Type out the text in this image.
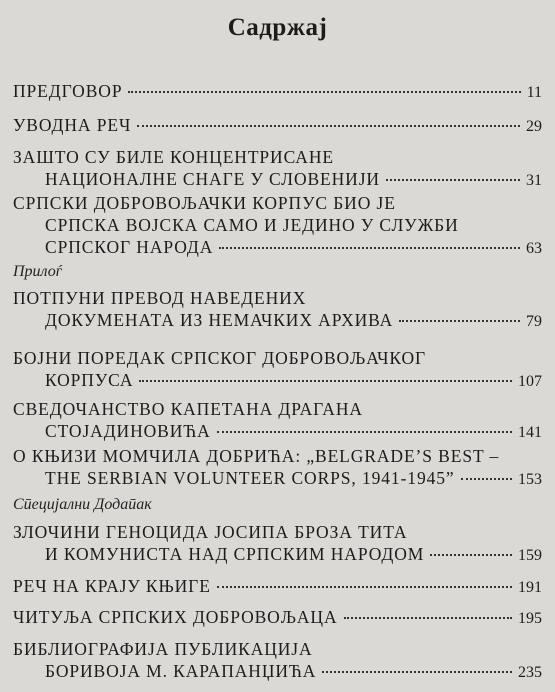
Садржај
Прилоѓ
Сӣецијални Додаӣак
ПРЕДГОВОР	11
УВОДНА РЕЧ	29
ЗАШТО СУ БИЛЕ КОНЦЕНТРИСАНЕ
НАЦИОНАЛНЕ СНАГЕ У СЛОВЕНИЈИ	31
СРПСКИ ДОБРОВОЉАЧКИ КОРПУС БИО ЈЕ
СРПСКА ВОЈСКА САМО И ЈЕДИНО У СЛУЖБИ
СРПСКОГ НАРОДА	63
ПОТПУНИ ПРЕВОД НАВЕДЕНИХ
ДОКУМЕНАТА ИЗ НЕМАЧКИХ АРХИВА	79
БОЈНИ ПОРЕДАК СРПСКОГ ДОБРОВОЉАЧКОГ
КОРПУСА	107
СВЕДОЧАНСТВО КАПЕТАНА ДРАГАНА
СТОЈАДИНОВИЋА	141
О КЊИЗИ МОМЧИЛА ДОБРИЋА: „BELGRADE’S BEST –
THE SERBIAN VOLUNTEER CORPS, 1941-1945”	153
ЗЛОЧИНИ ГЕНОЦИДА ЈОСИПА БРОЗА ТИТА
И КОМУНИСТА НАД СРПСКИМ НАРОДОМ	159
РЕЧ НА КРАЈУ КЊИГЕ	191
ЧИТУЉА СРПСКИХ ДОБРОВОЉАЦА	195
БИБЛИОГРАФИЈА ПУБЛИКАЦИЈА
БОРИВОЈА М. КАРАПАНЏИЋА	235
